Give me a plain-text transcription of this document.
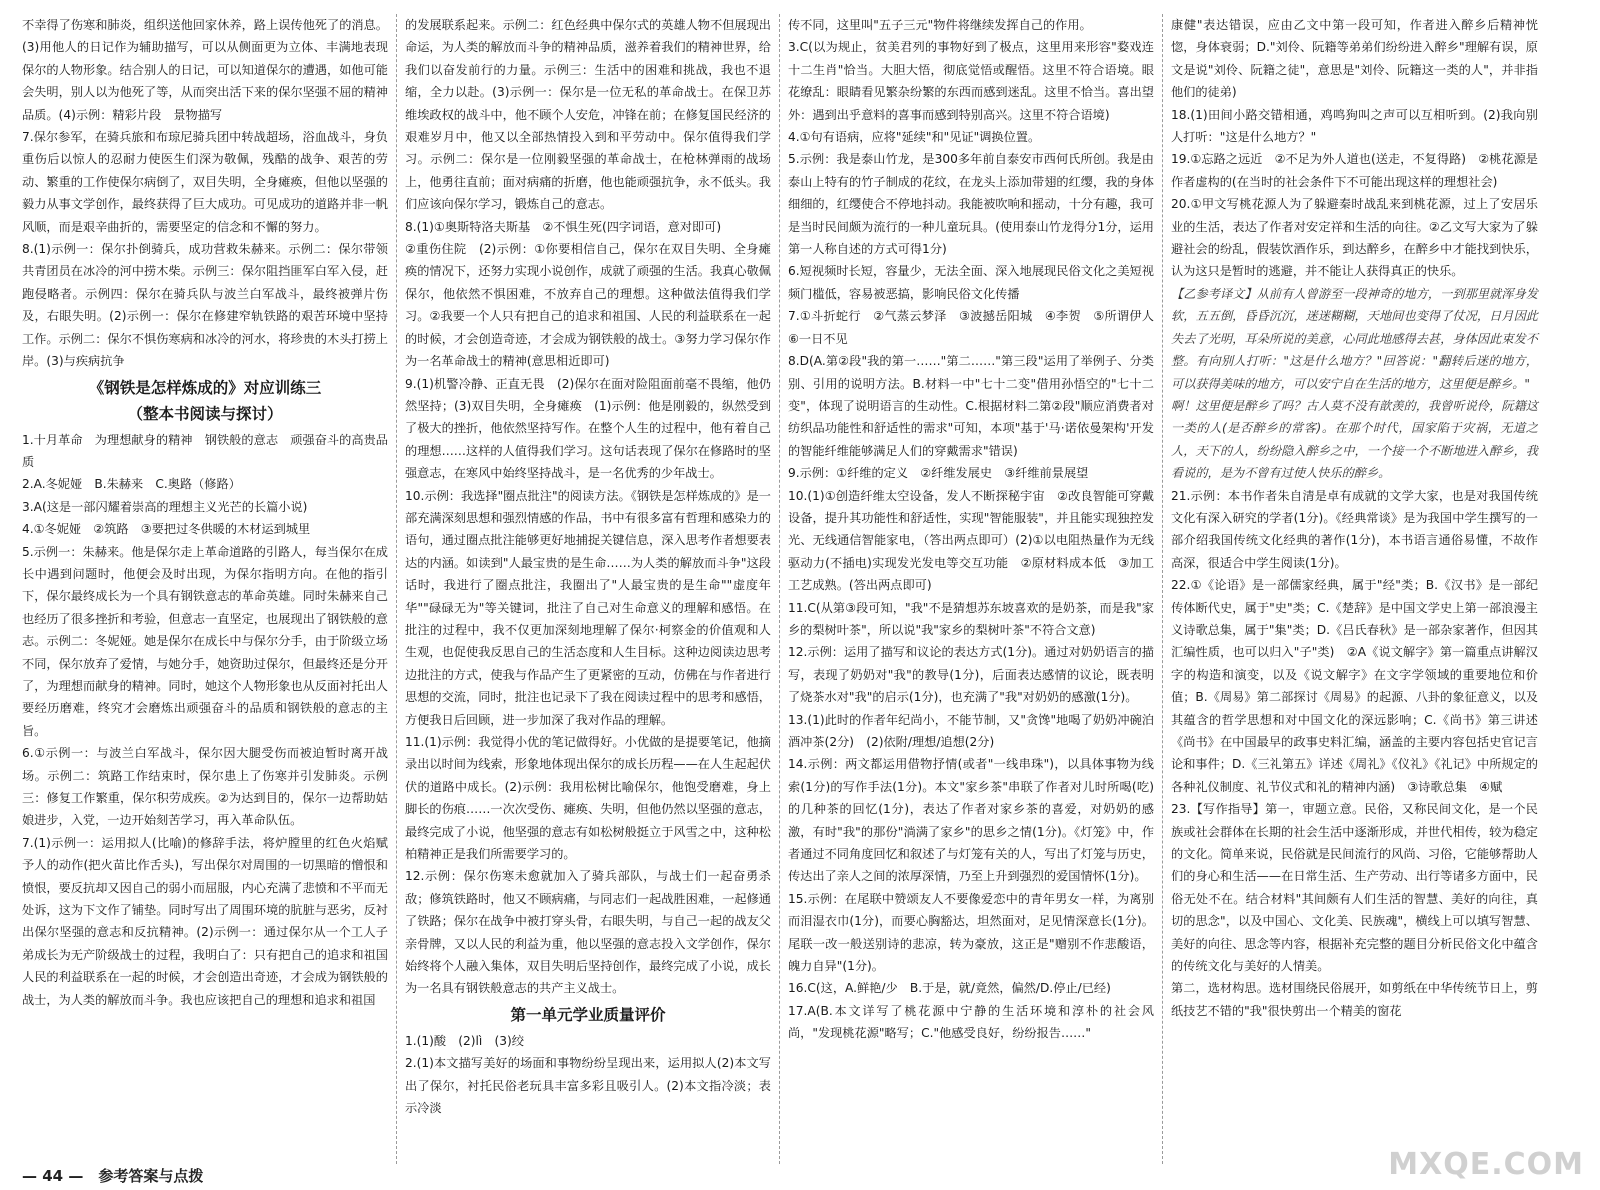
不幸得了伤寒和肺炎，组织送他回家休养，路上误传他死了的消息。(3)用他人的日记作为辅助描写，可以从侧面更为立体、丰满地表现保尔的人物形象。结合别人的日记，可以知道保尔的遭遇，如他可能会失明，别人以为他死了等，从而突出活下来的保尔坚强不屈的精神品质。(4)示例：精彩片段　景物描写

7.保尔参军，在骑兵旅和布琼尼骑兵团中转战超场，浴血战斗，身负重伤后以惊人的忍耐力使医生们深为敬佩，残酷的战争、艰苦的劳动、繁重的工作使保尔病倒了，双目失明，全身瘫痪，但他以坚强的毅力从事文学创作，最终获得了巨大成功。可见成功的道路并非一帆风顺，而是艰辛曲折的，需要坚定的信念和不懈的努力。

8.(1)示例一：保尔扑倒骑兵，成功营救朱赫来。示例二：保尔带领共青团员在冰冷的河中捞木柴。示例三：保尔阻挡匪军白军入侵，赶跑侵略者。示例四：保尔在骑兵队与波兰白军战斗，最终被弹片伤及，右眼失明。(2)示例一：保尔在修建窄轨铁路的艰苦环境中坚持工作。示例二：保尔不惧伤寒病和冰冷的河水，将珍贵的木头打捞上岸。(3)与疾病抗争

《钢铁是怎样炼成的》对应训练三
（整本书阅读与探讨）

1.十月革命　为理想献身的精神　钢铁般的意志　顽强奋斗的高贵品质

2.A.冬妮娅　B.朱赫来　C.奥路（修路）

3.A(这是一部闪耀着崇高的理想主义光芒的长篇小说)

4.①冬妮娅　②筑路　③要把过冬供暖的木材运到城里

5.示例一：朱赫来。他是保尔走上革命道路的引路人，每当保尔在成长中遇到问题时，他便会及时出现，为保尔指明方向。在他的指引下，保尔最终成长为一个具有钢铁意志的革命英雄。同时朱赫来自己也经历了很多挫折和考验，但意志一直坚定，也展现出了钢铁般的意志。示例二：冬妮娅。她是保尔在成长中与保尔分手，由于阶级立场不同，保尔放弃了爱情，与她分手，她资助过保尔，但最终还是分开了，为理想而献身的精神。同时，她这个人物形象也从反面衬托出人要经历磨难，终究才会磨炼出顽强奋斗的品质和钢铁般的意志的主旨。

6.①示例一：与波兰白军战斗，保尔因大腿受伤而被迫暂时离开战场。示例二：筑路工作结束时，保尔患上了伤寒并引发肺炎。示例三：修复工作繁重，保尔积劳成疾。②为达到目的，保尔一边帮助姑娘进步，入党，一边开始刻苦学习，再入革命队伍。

7.(1)示例一：运用拟人(比喻)的修辞手法，将炉膛里的红色火焰赋予人的动作(把火苗比作舌头)，写出保尔对周围的一切黑暗的憎恨和愤恨，要反抗却又因自己的弱小而屈服，内心充满了悲愤和不平而无处诉，这为下文作了铺垫。同时写出了周围环境的肮脏与恶劣，反衬出保尔坚强的意志和反抗精神。(2)示例一：通过保尔从一个工人子弟成长为无产阶级战士的过程，我明白了：只有把自己的追求和祖国人民的利益联系在一起的时候，才会创造出奇迹，才会成为钢铁般的战士，为人类的解放而斗争。我也应该把自己的理想和追求和祖国

的发展联系起来。示例二：红色经典中保尔式的英雄人物不但展现出命运，为人类的解放而斗争的精神品质，滋养着我们的精神世界，给我们以奋发前行的力量。示例三：生活中的困难和挑战，我也不退缩，全力以赴。(3)示例一：保尔是一位无私的革命战士。在保卫苏维埃政权的战斗中，他不顾个人安危，冲锋在前；在修复国民经济的艰难岁月中，他又以全部热情投入到和平劳动中。保尔值得我们学习。示例二：保尔是一位刚毅坚强的革命战士，在枪林弹雨的战场上，他勇往直前；面对病痛的折磨，他也能顽强抗争，永不低头。我们应该向保尔学习，锻炼自己的意志。

8.(1)①奥斯特洛夫斯基　②不惧生死(四字词语，意对即可)

②重伤住院　(2)示例：①你要相信自己，保尔在双目失明、全身瘫痪的情况下，还努力实现小说创作，成就了顽强的生活。我真心敬佩保尔，他依然不惧困难，不放弃自己的理想。这种做法值得我们学习。②我要一个人只有把自己的追求和祖国、人民的利益联系在一起的时候，才会创造奇迹，才会成为钢铁般的战士。③努力学习保尔作为一名革命战士的精神(意思相近即可)

9.(1)机警冷静、正直无畏　(2)保尔在面对险阻面前毫不畏缩，他仍然坚持；(3)双目失明，全身瘫痪　(1)示例：他是刚毅的，纵然受到了极大的挫折，他依然坚持写作。在整个人生的过程中，他有着自己的理想……这样的人值得我们学习。这句话表现了保尔在修路时的坚强意志，在寒风中始终坚持战斗，是一名优秀的少年战士。

10.示例：我选择"圈点批注"的阅读方法。《钢铁是怎样炼成的》是一部充满深刻思想和强烈情感的作品，书中有很多富有哲理和感染力的语句，通过圈点批注能够更好地捕捉关键信息，深入思考作者想要表达的内涵。如读到"人最宝贵的是生命……为人类的解放而斗争"这段话时，我进行了圈点批注，我圈出了"人最宝贵的是生命""虚度年华""碌碌无为"等关键词，批注了自己对生命意义的理解和感悟。在批注的过程中，我不仅更加深刻地理解了保尔·柯察金的价值观和人生观，也促使我反思自己的生活态度和人生目标。这种边阅读边思考边批注的方式，使我与作品产生了更紧密的互动，仿佛在与作者进行思想的交流，同时，批注也记录下了我在阅读过程中的思考和感悟，方便我日后回顾，进一步加深了我对作品的理解。

11.(1)示例：我觉得小优的笔记做得好。小优做的是提要笔记，他摘录出以时间为线索，形象地体现出保尔的成长历程——在人生起起伏伏的道路中成长。(2)示例：我用松树比喻保尔，他饱受磨难，身上脚长的伤痕……一次次受伤、瘫痪、失明，但他仍然以坚强的意志，最终完成了小说，他坚强的意志有如松树般挺立于风雪之中，这种松柏精神正是我们所需要学习的。

12.示例：保尔伤寒未愈就加入了骑兵部队，与战士们一起奋勇杀敌；修筑铁路时，他又不顾病痛，与同志们一起战胜困难，一起修通了铁路；保尔在战争中被打穿头骨，右眼失明，与自己一起的战友父亲骨牌，又以人民的利益为重，他以坚强的意志投入文学创作，保尔始终将个人融入集体，双目失明后坚持创作，最终完成了小说，成长为一名具有钢铁般意志的共产主义战士。

第一单元学业质量评价

1.(1)酸　(2)lì　(3)绞

2.(1)本文描写美好的场面和事物纷纷呈现出来，运用拟人(2)本文写出了保尔，衬托民俗老玩具丰富多彩且吸引人。(2)本文指冷淡；表示冷淡

传不同，这里叫"五子三元"物件将继续发挥自己的作用。

3.C(以为规止，贫美君列的事物好到了极点，这里用来形容"婺戏连十二生肖"恰当。大胆大悟，彻底觉悟或醒悟。这里不符合语境。眼花缭乱：眼睛看见繁杂纷繁的东西而感到迷乱。这里不恰当。喜出望外：遇到出乎意料的喜事而感到特别高兴。这里不符合语境)

4.①句有语病，应将"延续"和"见证"调换位置。

5.示例：我是泰山竹龙，是300多年前自泰安市西何氏所创。我是由泰山上特有的竹子制成的花纹，在龙头上添加带翅的红缨，我的身体细细的，红缨使合不停地抖动。我能被吹响和摇动，十分有趣，我可是当时民间颇为流行的一种儿童玩具。(使用泰山竹龙得分1分，运用第一人称自述的方式可得1分)

6.短视频时长短，容量少，无法全面、深入地展现民俗文化之美短视频门槛低，容易被恶搞，影响民俗文化传播

7.①斗折蛇行　②气蒸云梦泽　③波撼岳阳城　④李贺　⑤所谓伊人　⑥一日不见

8.D(A.第②段"我的第一……"第二……"第三段"运用了举例子、分类别、引用的说明方法。B.材料一中"七十二变"借用孙悟空的"七十二变"，体现了说明语言的生动性。C.根据材料二第②段"顺应消费者对纺织品功能性和舒适性的需求"可知，本项"基于'马·诺依曼架构'开发的智能纤维能够满足人们的穿戴需求"错误)

9.示例：①纤维的定义　②纤维发展史　③纤维前景展望

10.(1)①创造纤维太空设备，发人不断探秘宇宙　②改良智能可穿戴设备，提升其功能性和舒适性，实现"智能服装"，并且能实现独控发光、无线通信智能家电，（答出两点即可）(2)①以电阻热量作为无线驱动力(不插电)实现发光发电等交互功能　②原材料成本低　③加工工艺成熟。(答出两点即可)

11.C(从第③段可知，"我"不是猜想苏东坡喜欢的是奶茶，而是我"家乡的梨树叶茶"，所以说"我"家乡的梨树叶茶"不符合文意)

12.示例：运用了描写和议论的表达方式(1分)。通过对奶奶语言的描写，表现了奶奶对"我"的教导(1分)，后面表达感情的议论，既表明了烧茶水对"我"的启示(1分)，也充满了"我"对奶奶的感激(1分)。

13.(1)此时的作者年纪尚小，不能节制，又"贪馋"地喝了奶奶冲碗泊酒冲茶(2分)　(2)依附/理想/追想(2分)

14.示例：两文都运用借物抒情(或者"一线串珠")，以具体事物为线索(1分)的写作手法(1分)。本文"家乡茶"串联了作者对儿时所喝(吃)的几种茶的回忆(1分)，表达了作者对家乡茶的喜爱，对奶奶的感激，有时"我"的那份"淌满了家乡"的思乡之情(1分)。《灯笼》中，作者通过不同角度回忆和叙述了与灯笼有关的人，写出了灯笼与历史，传达出了亲人之间的浓厚深情，乃至上升到强烈的爱国情怀(1分)。

15.示例：在尾联中赞颂友人不要像爱恋中的青年男女一样，为离别而泪湿衣巾(1分)，而要心胸豁达，坦然面对，足见情深意长(1分)。尾联一改一般送别诗的悲凉，转为豪放，这正是"赠别不作悲酸语，魄力自异"(1分)。

16.C(这，A.鲜艳/少　B.于是，就/竟然，偏然/D.停止/已经)

17.A(B.本文详写了桃花源中宁静的生活环境和淳朴的社会风尚，"发现桃花源"略写；C."他感受良好，纷纷报告……"

康健"表达错误，应由乙文中第一段可知，作者进入醉乡后精神恍惚，身体衰弱；D."刘伶、阮籍等弟弟们纷纷进入醉乡"理解有误，原文是说"刘伶、阮籍之徒"，意思是"刘伶、阮籍这一类的人"，并非指他们的徒弟)

18.(1)田间小路交错相通，鸡鸣狗叫之声可以互相听到。(2)我向别人打听："这是什么地方？"

19.①忘路之远近　②不足为外人道也(送走，不复得路)　②桃花源是作者虚构的(在当时的社会条件下不可能出现这样的理想社会)

20.①甲文写桃花源人为了躲避秦时战乱来到桃花源，过上了安居乐业的生活，表达了作者对安定祥和生活的向往。②乙文写大家为了躲避社会的纷乱，假装饮酒作乐，到达醉乡，在醉乡中才能找到快乐，认为这只是暂时的逃避，并不能让人获得真正的快乐。

【乙参考译文】从前有人曾游至一段神奇的地方，一到那里就浑身发软，五五倒，昏昏沉沉，迷迷糊糊，天地间也变得了仗况，日月因此失去了光明，耳朵所说的美意，心同此地感得去甚，身体因此束发不整。有向别人打听："这是什么地方？"回答说："翻转后迷的地方，可以获得美味的地方，可以安宁自在生活的地方，这里便是醉乡。"

啊！这里便是醉乡了吗？古人莫不没有歆羡的，我曾听说伶，阮籍这一类的人(是否醉乡的常客)。在那个时代，国家陷于灾祸，无道之人，天下的人，纷纷隐入醉乡之中，一个接一个不断地进入醉乡，我看说的，是为不曾有过使人快乐的醉乡。

21.示例：本书作者朱自清是卓有成就的文学大家，也是对我国传统文化有深入研究的学者(1分)。《经典常谈》是为我国中学生撰写的一部介绍我国传统文化经典的著作(1分)，本书语言通俗易懂，不故作高深，很适合中学生阅读(1分)。

22.①《论语》是一部儒家经典，属于"经"类；B.《汉书》是一部纪传体断代史，属于"史"类；C.《楚辞》是中国文学史上第一部浪漫主义诗歌总集，属于"集"类；D.《吕氏春秋》是一部杂家著作，但因其汇编性质，也可以归入"子"类)　②A《说文解字》第一篇重点讲解汉字的构造和演变，以及《说文解字》在文字学领域的重要地位和价值；B.《周易》第二部探讨《周易》的起源、八卦的象征意义，以及其蕴含的哲学思想和对中国文化的深远影响；C.《尚书》第三讲述《尚书》在中国最早的政事史料汇编，涵盖的主要内容包括史官记言论和事件；D.《三礼第五》详述《周礼》《仪礼》《礼记》中所规定的各种礼仪制度、礼节仪式和礼的精神内涵)　③诗歌总集　④赋

23.【写作指导】第一，审题立意。民俗，又称民间文化，是一个民族或社会群体在长期的社会生活中逐渐形成，并世代相传，较为稳定的文化。简单来说，民俗就是民间流行的风尚、习俗，它能够帮助人们的身心和生活——在日常生活、生产劳动、出行等诸多方面中，民俗无处不在。结合材料"其间颇有人们生活的智慧、美好的向往，真切的思念"，以及中国心、文化美、民族魂"，横线上可以填写智慧、美好的向往、思念等内容，根据补充完整的题目分析民俗文化中蕴含的传统文化与美好的人情美。

第二，选材构思。选材围绕民俗展开，如剪纸在中华传统节日上，剪纸技艺不错的"我"很快剪出一个精美的窗花

— 44 —　参考答案与点拨	MXQE.COM
